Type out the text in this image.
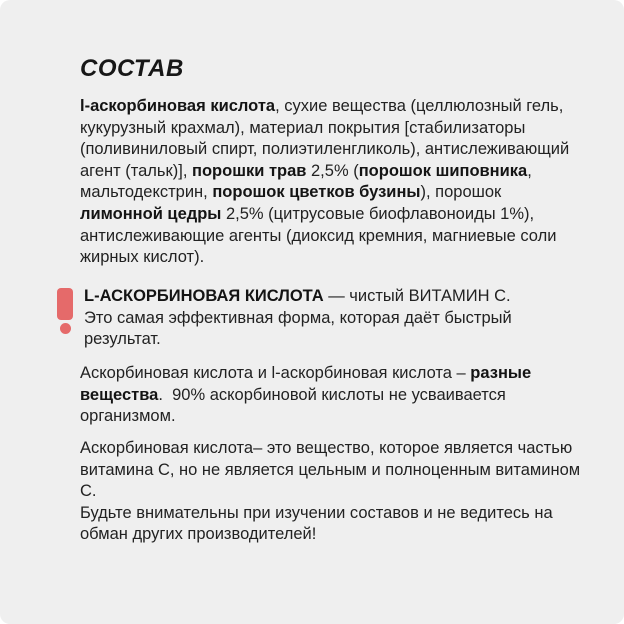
СОСТАВ
l-аскорбиновая кислота, сухие вещества (целлюлозный гель, кукурузный крахмал), материал покрытия [стабилизаторы (поливиниловый спирт, полиэтиленгликоль), антислеживающий агент (тальк)], порошки трав 2,5% (порошок шиповника, мальтодекстрин, порошок цветков бузины), порошок лимонной цедры 2,5% (цитрусовые биофлавоноиды 1%), антислеживающие агенты (диоксид кремния, магниевые соли жирных кислот).
L-АСКОРБИНОВАЯ КИСЛОТА — чистый ВИТАМИН С.
Это самая эффективная форма, которая даёт быстрый результат.
Аскорбиновая кислота и l-аскорбиновая кислота – разные вещества.  90% аскорбиновой кислоты не усваивается организмом.
Аскорбиновая кислота– это вещество, которое является частью витамина С, но не является цельным и полноценным витамином С.
Будьте внимательны при изучении составов и не ведитесь на обман других производителей!
